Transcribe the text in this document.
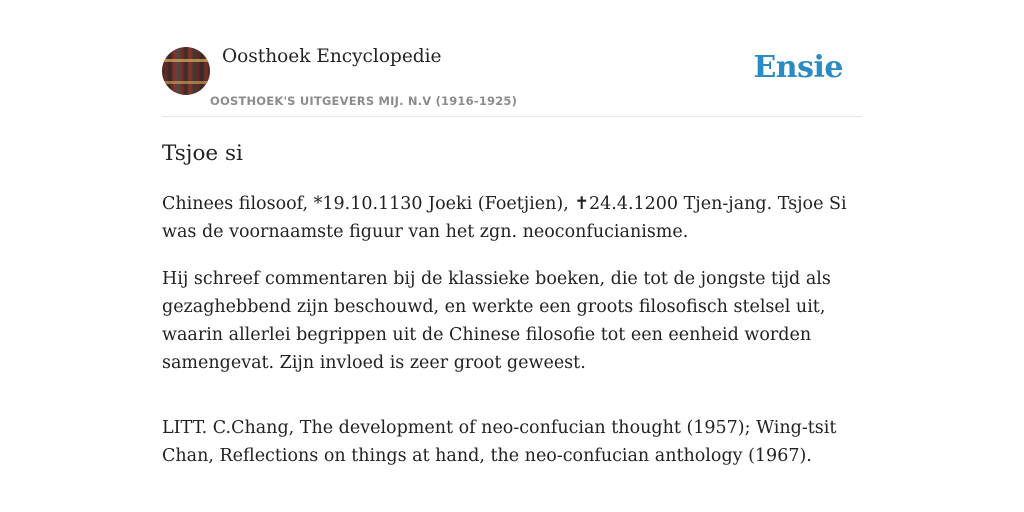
Oosthoek Encyclopedie
OOSTHOEK'S UITGEVERS MIJ. N.V (1916-1925)
Ensie
Tsjoe si

Chinees filosoof, *19.10.1130 Joeki (Foetjien), ✝24.4.1200 Tjen-jang. Tsjoe Si was de voornaamste figuur van het zgn. neoconfucianisme.

Hij schreef commentaren bij de klassieke boeken, die tot de jongste tijd als gezaghebbend zijn beschouwd, en werkte een groots filosofisch stelsel uit, waarin allerlei begrippen uit de Chinese filosofie tot een eenheid worden samengevat. Zijn invloed is zeer groot geweest.

LITT. C.Chang, The development of neo-confucian thought (1957); Wing-tsit Chan, Reflections on things at hand, the neo-confucian anthology (1967).
